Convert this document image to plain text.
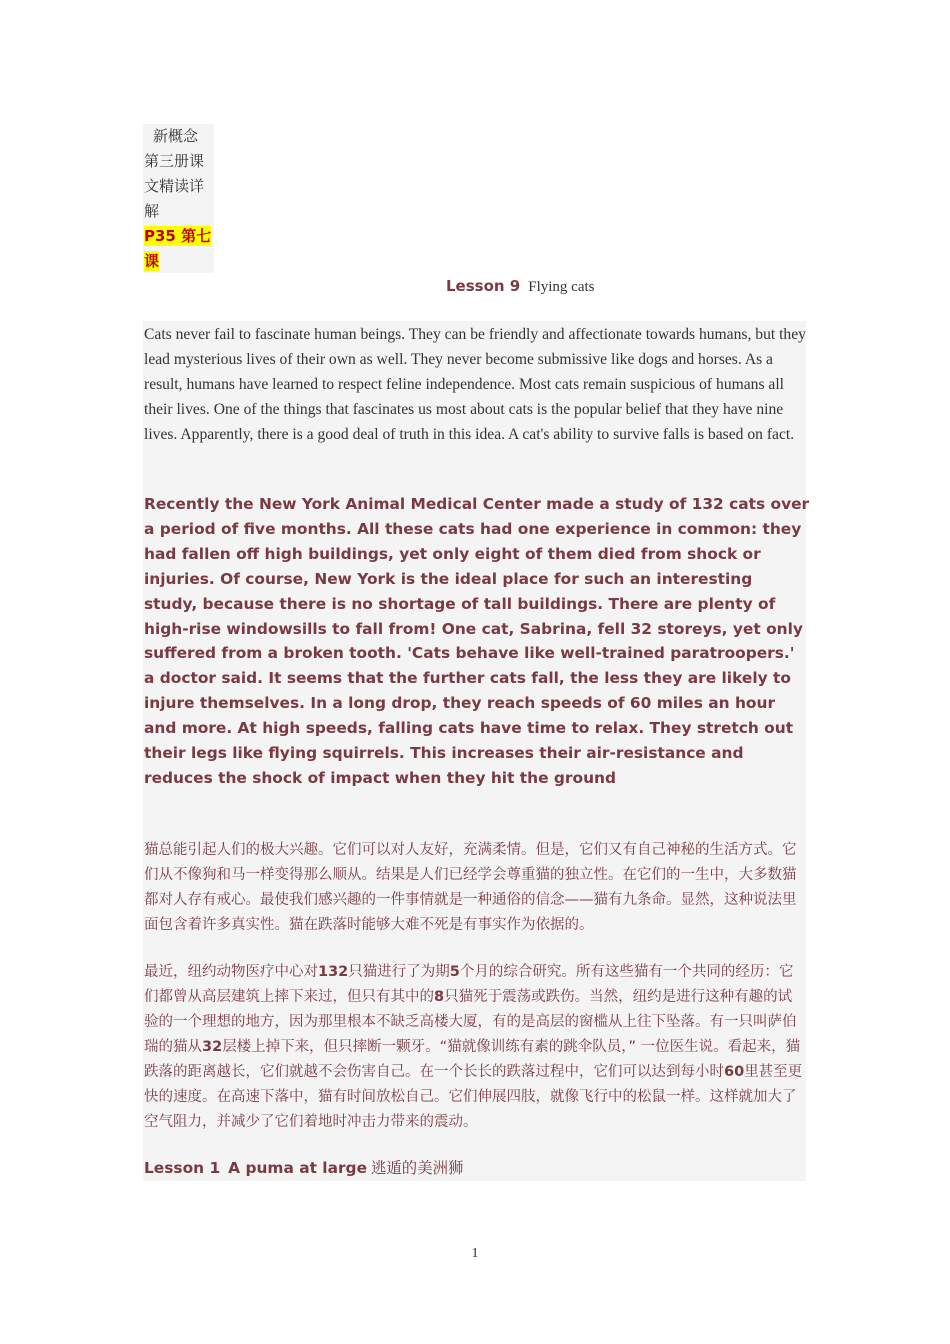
新概念
第三册课
文精读详
解
P35 第七
课
Lesson 9 Flying cats

Cats never fail to fascinate human beings. They can be friendly and affectionate towards humans, but they lead mysterious lives of their own as well. They never become submissive like dogs and horses. As a result, humans have learned to respect feline independence. Most cats remain suspicious of humans all their lives. One of the things that fascinates us most about cats is the popular belief that they have nine lives. Apparently, there is a good deal of truth in this idea. A cat's ability to survive falls is based on fact.

Recently the New York Animal Medical Center made a study of 132 cats over a period of five months. All these cats had one experience in common: they had fallen off high buildings, yet only eight of them died from shock or injuries. Of course, New York is the ideal place for such an interesting study, because there is no shortage of tall buildings. There are plenty of high-rise windowsills to fall from! One cat, Sabrina, fell 32 storeys, yet only suffered from a broken tooth. 'Cats behave like well-trained paratroopers.' a doctor said. It seems that the further cats fall, the less they are likely to injure themselves. In a long drop, they reach speeds of 60 miles an hour and more. At high speeds, falling cats have time to relax. They stretch out their legs like flying squirrels. This increases their air-resistance and reduces the shock of impact when they hit the ground

猫总能引起人们的极大兴趣。它们可以对人友好，充满柔情。但是，它们又有自己神秘的生活方式。它们从不像狗和马一样变得那么顺从。结果是人们已经学会尊重猫的独立性。在它们的一生中，大多数猫都对人存有戒心。最使我们感兴趣的一件事情就是一种通俗的信念——猫有九条命。显然，这种说法里面包含着许多真实性。猫在跌落时能够大难不死是有事实作为依据的。

最近，纽约动物医疗中心对132只猫进行了为期5个月的综合研究。所有这些猫有一个共同的经历：它们都曾从高层建筑上摔下来过，但只有其中的8只猫死于震荡或跌伤。当然，纽约是进行这种有趣的试验的一个理想的地方，因为那里根本不缺乏高楼大厦，有的是高层的窗槛从上往下坠落。有一只叫萨伯瑞的猫从32层楼上掉下来，但只摔断一颗牙。“猫就像训练有素的跳伞队员，” 一位医生说。看起来，猫跌落的距离越长，它们就越不会伤害自己。在一个长长的跌落过程中，它们可以达到每小时60里甚至更快的速度。在高速下落中，猫有时间放松自己。它们伸展四肢，就像飞行中的松鼠一样。这样就加大了空气阻力，并减少了它们着地时冲击力带来的震动。

Lesson 1 A puma at large 逃遁的美洲狮

1
